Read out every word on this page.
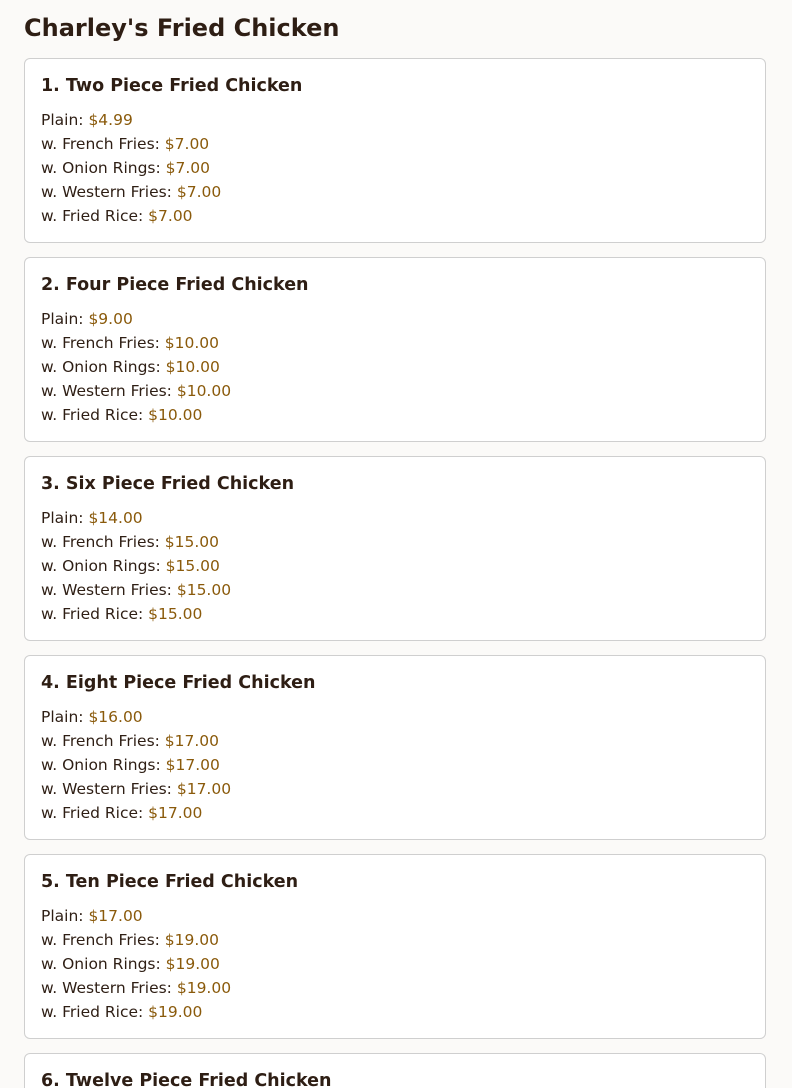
Charley's Fried Chicken
1. Two Piece Fried Chicken
Plain: $4.99
w. French Fries: $7.00
w. Onion Rings: $7.00
w. Western Fries: $7.00
w. Fried Rice: $7.00
2. Four Piece Fried Chicken
Plain: $9.00
w. French Fries: $10.00
w. Onion Rings: $10.00
w. Western Fries: $10.00
w. Fried Rice: $10.00
3. Six Piece Fried Chicken
Plain: $14.00
w. French Fries: $15.00
w. Onion Rings: $15.00
w. Western Fries: $15.00
w. Fried Rice: $15.00
4. Eight Piece Fried Chicken
Plain: $16.00
w. French Fries: $17.00
w. Onion Rings: $17.00
w. Western Fries: $17.00
w. Fried Rice: $17.00
5. Ten Piece Fried Chicken
Plain: $17.00
w. French Fries: $19.00
w. Onion Rings: $19.00
w. Western Fries: $19.00
w. Fried Rice: $19.00
6. Twelve Piece Fried Chicken
